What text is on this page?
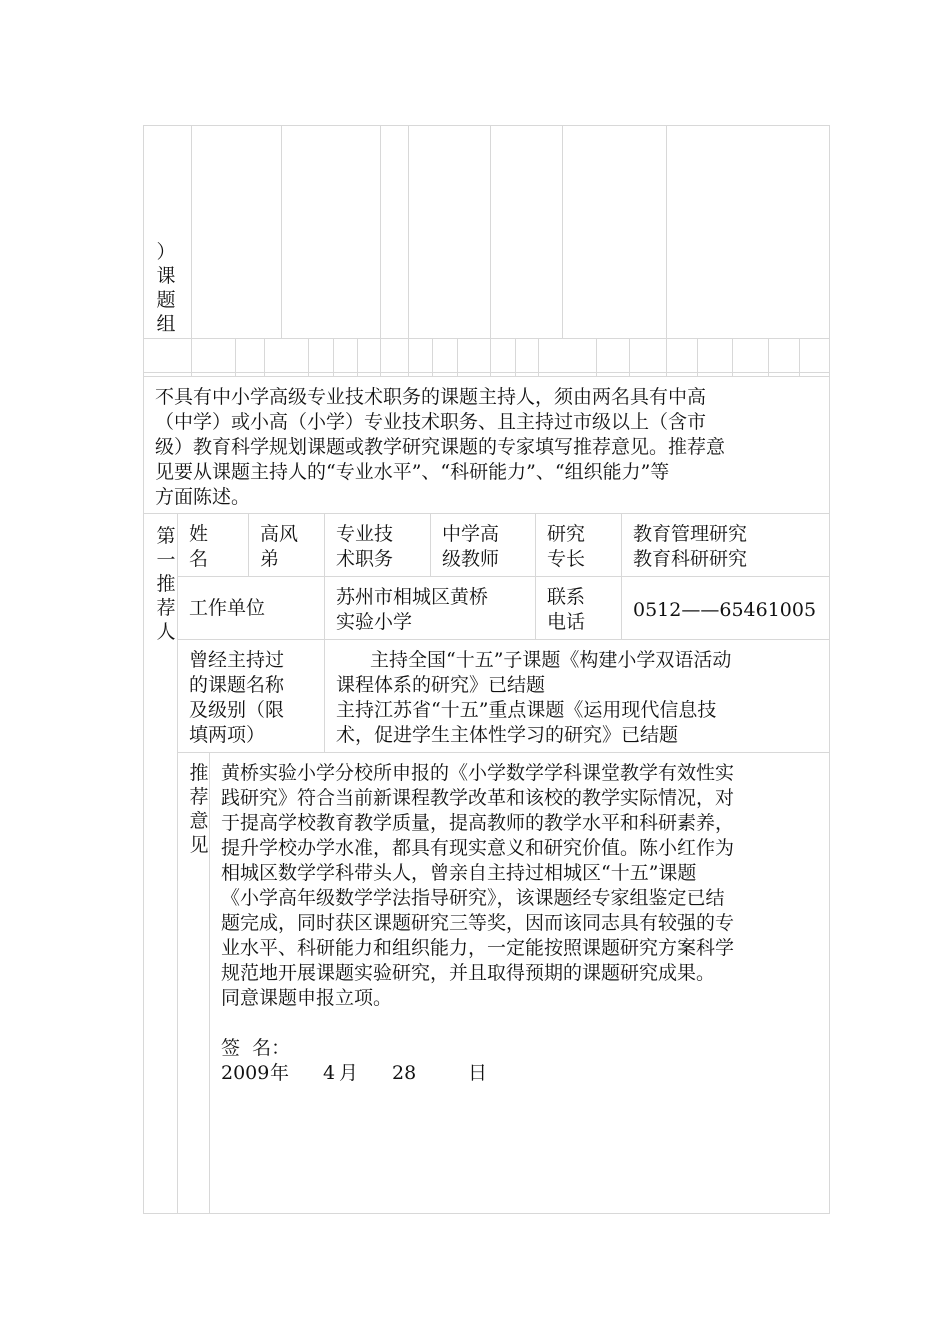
）
课
题
组
不具有中小学高级专业技术职务的课题主持人，须由两名具有中高
（中学）或小高（小学）专业技术职务、且主持过市级以上（含市
级）教育科学规划课题或教学研究课题的专家填写推荐意见。推荐意
见要从课题主持人的“专业水平”、“科研能力”、“组织能力”等
方面陈述。
第
一
推
荐
人
姓
名
高风
弟
专业技
术职务
中学高
级教师
研究
专长
教育管理研究
教育科研研究
工作单位	苏州市相城区黄桥
实验小学
联系
电话
0512——65461005
曾经主持过
的课题名称
及级别（限
填两项）
主持全国“十五”子课题《构建小学双语活动
课程体系的研究》已结题
主持江苏省“十五”重点课题《运用现代信息技
术，促进学生主体性学习的研究》已结题
推
荐
意
见
黄桥实验小学分校所申报的《小学数学学科课堂教学有效性实
践研究》符合当前新课程教学改革和该校的教学实际情况，对
于提高学校教育教学质量，提高教师的教学水平和科研素养，
提升学校办学水准，都具有现实意义和研究价值。陈小红作为
相城区数学学科带头人，曾亲自主持过相城区“十五”课题
《小学高年级数学学法指导研究》，该课题经专家组鉴定已结
题完成，同时获区课题研究三等奖，因而该同志具有较强的专
业水平、科研能力和组织能力，一定能按照课题研究方案科学
规范地开展课题实验研究，并且取得预期的课题研究成果。
同意课题申报立项。
签  名：
2009 年 4 月 28	日
